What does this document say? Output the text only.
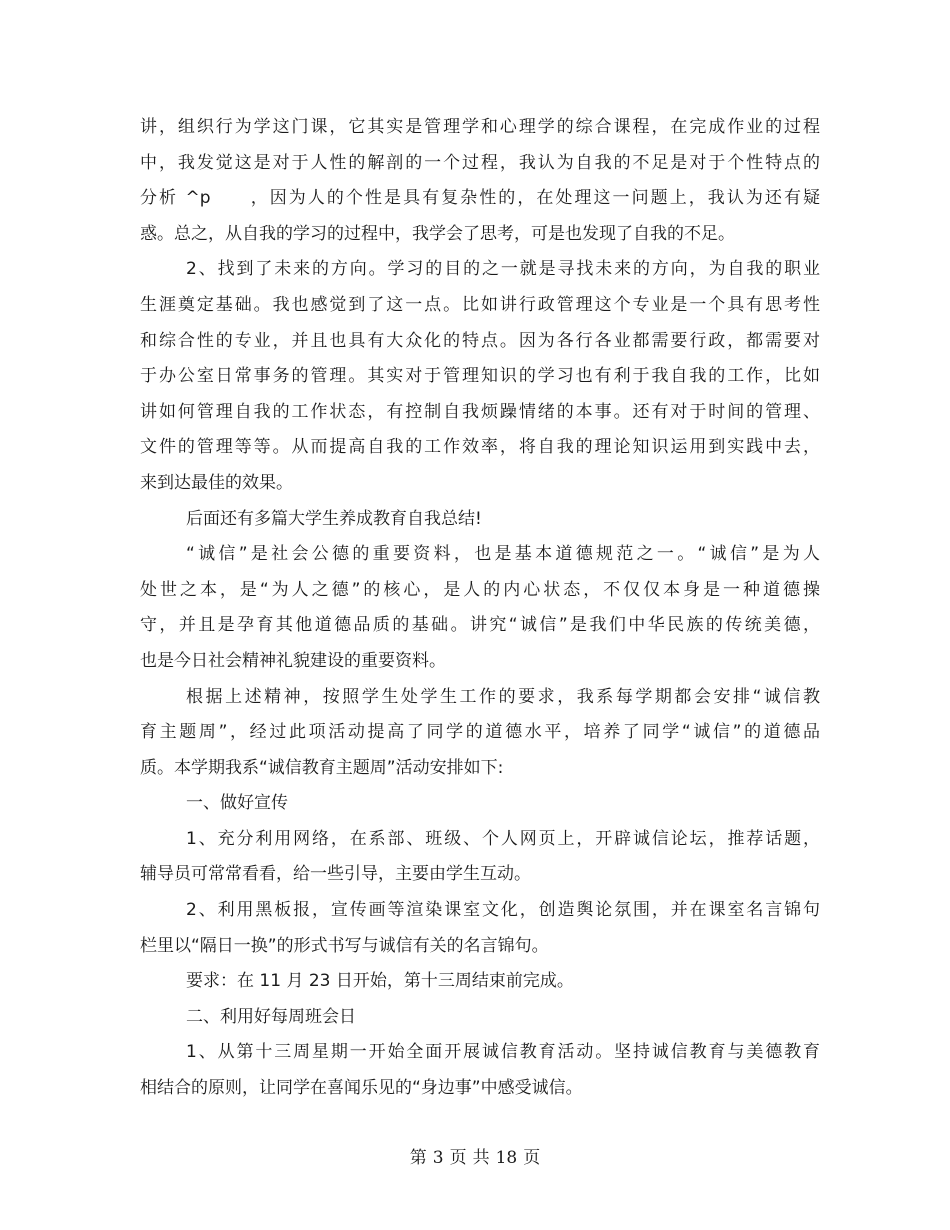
讲，组织行为学这门课，它其实是管理学和心理学的综合课程，在完成作业的过程
中，我发觉这是对于人性的解剖的一个过程，我认为自我的不足是对于个性特点的
分析 ^p　　，因为人的个性是具有复杂性的，在处理这一问题上，我认为还有疑
惑。总之，从自我的学习的过程中，我学会了思考，可是也发现了自我的不足。
2、找到了未来的方向。学习的目的之一就是寻找未来的方向，为自我的职业
生涯奠定基础。我也感觉到了这一点。比如讲行政管理这个专业是一个具有思考性
和综合性的专业，并且也具有大众化的特点。因为各行各业都需要行政，都需要对
于办公室日常事务的管理。其实对于管理知识的学习也有利于我自我的工作，比如
讲如何管理自我的工作状态，有控制自我烦躁情绪的本事。还有对于时间的管理、
文件的管理等等。从而提高自我的工作效率，将自我的理论知识运用到实践中去，
来到达最佳的效果。
后面还有多篇大学生养成教育自我总结!
“诚信”是社会公德的重要资料，也是基本道德规范之一。“诚信”是为人
处世之本，是“为人之德”的核心，是人的内心状态，不仅仅本身是一种道德操
守，并且是孕育其他道德品质的基础。讲究“诚信”是我们中华民族的传统美德，
也是今日社会精神礼貌建设的重要资料。
根据上述精神，按照学生处学生工作的要求，我系每学期都会安排“诚信教
育主题周”，经过此项活动提高了同学的道德水平，培养了同学“诚信”的道德品
质。本学期我系“诚信教育主题周”活动安排如下:
一、做好宣传
1、充分利用网络，在系部、班级、个人网页上，开辟诚信论坛，推荐话题，
辅导员可常常看看，给一些引导，主要由学生互动。
2、利用黑板报，宣传画等渲染课室文化，创造舆论氛围，并在课室名言锦句
栏里以“隔日一换”的形式书写与诚信有关的名言锦句。
要求：在 11 月 23 日开始，第十三周结束前完成。
二、利用好每周班会日
1、从第十三周星期一开始全面开展诚信教育活动。坚持诚信教育与美德教育
相结合的原则，让同学在喜闻乐见的“身边事”中感受诚信。
第 3 页 共 18 页
